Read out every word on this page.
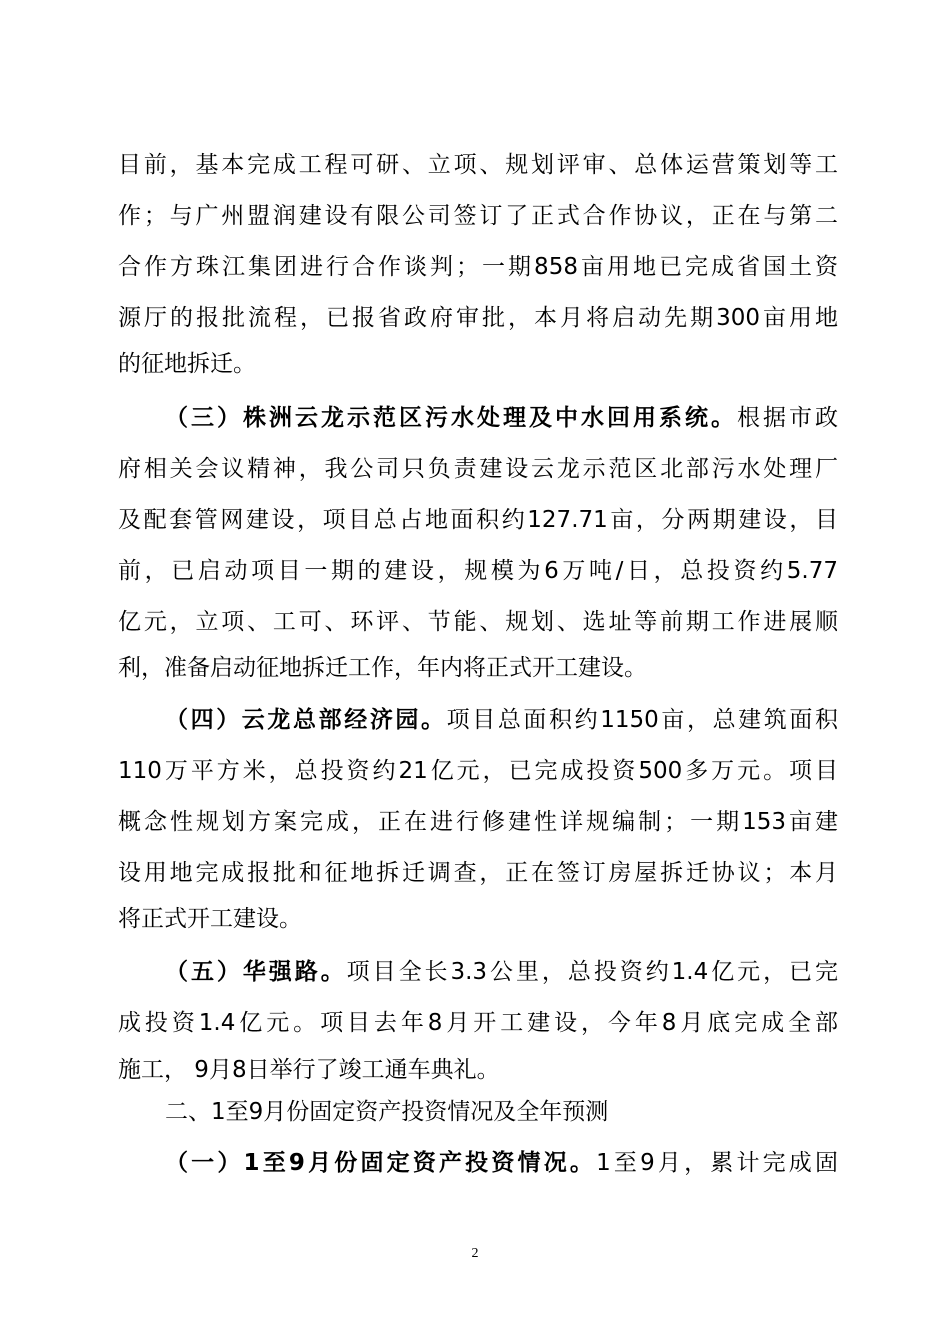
目前，基本完成工程可研、立项、规划评审、总体运营策划等工
作；与广州盟润建设有限公司签订了正式合作协议，正在与第二
合作方珠江集团进行合作谈判；一期858亩用地已完成省国土资
源厅的报批流程，已报省政府审批，本月将启动先期300亩用地
的征地拆迁。
（三）株洲云龙示范区污水处理及中水回用系统。根据市政
府相关会议精神，我公司只负责建设云龙示范区北部污水处理厂
及配套管网建设，项目总占地面积约127.71亩，分两期建设，目
前，已启动项目一期的建设，规模为6万吨/日，总投资约5.77
亿元，立项、工可、环评、节能、规划、选址等前期工作进展顺
利，准备启动征地拆迁工作，年内将正式开工建设。
（四）云龙总部经济园。项目总面积约1150亩，总建筑面积
110万平方米，总投资约21亿元，已完成投资500多万元。项目
概念性规划方案完成，正在进行修建性详规编制；一期153亩建
设用地完成报批和征地拆迁调查，正在签订房屋拆迁协议；本月
将正式开工建设。
（五）华强路。项目全长3.3公里，总投资约1.4亿元，已完
成投资1.4亿元。项目去年8月开工建设，今年8月底完成全部
施工， 9月8日举行了竣工通车典礼。
二、1至9月份固定资产投资情况及全年预测
（一）1至9月份固定资产投资情况。1至9月，累计完成固
2
